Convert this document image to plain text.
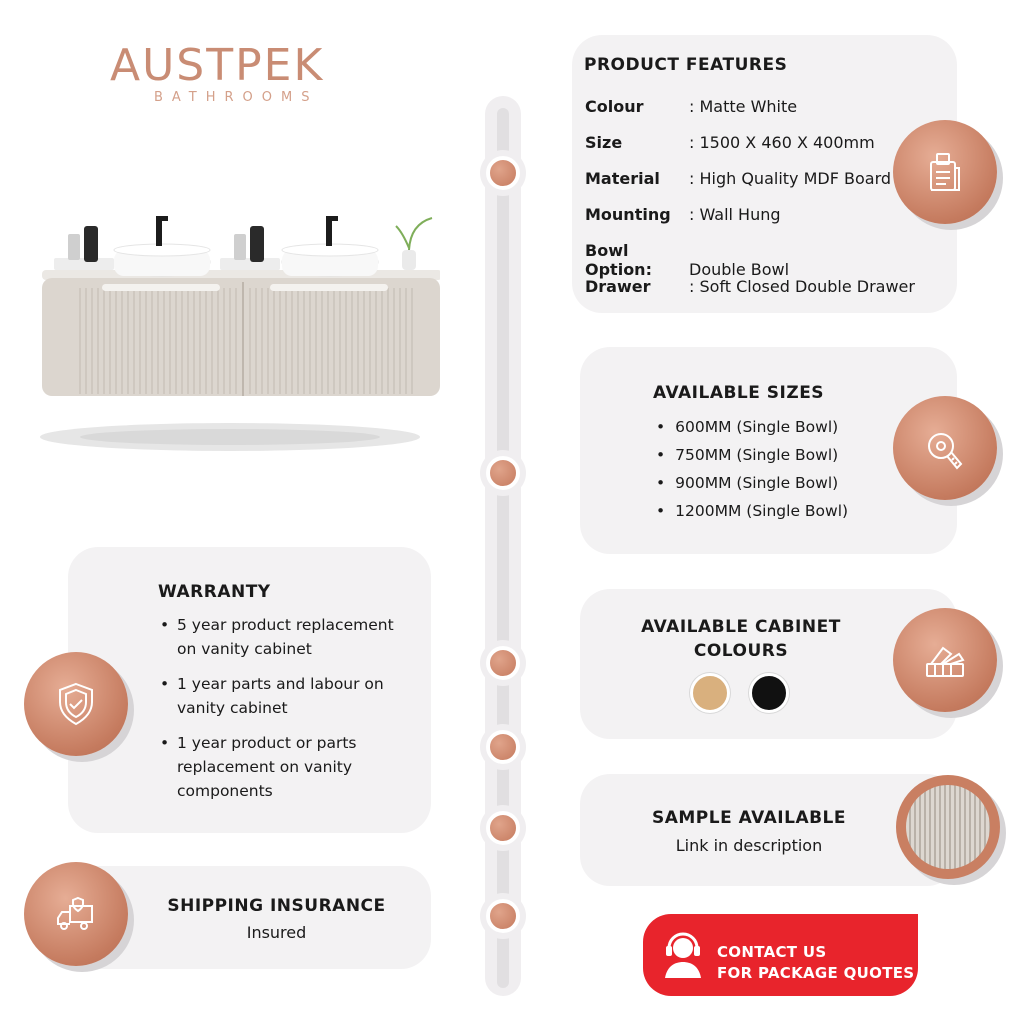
AUSTPEK
BATHROOMS
PRODUCT FEATURES
Colour	: Matte White
Size	: 1500 X 460 X 400mm
Material : High Quality MDF Board
Mounting : Wall Hung
Bowl Option: Double Bowl
Drawer : Soft Closed Double Drawer
AVAILABLE SIZES
• 600MM (Single Bowl)
• 750MM (Single Bowl)
• 900MM (Single Bowl)
• 1200MM (Single Bowl)
AVAILABLE CABINET
COLOURS
SAMPLE AVAILABLE
Link in description
WARRANTY
• 5 year product replacement
on vanity cabinet
• 1 year parts and labour on
vanity cabinet
• 1 year product or parts
replacement on vanity
components
SHIPPING INSURANCE
Insured
CONTACT US
FOR PACKAGE QUOTES
